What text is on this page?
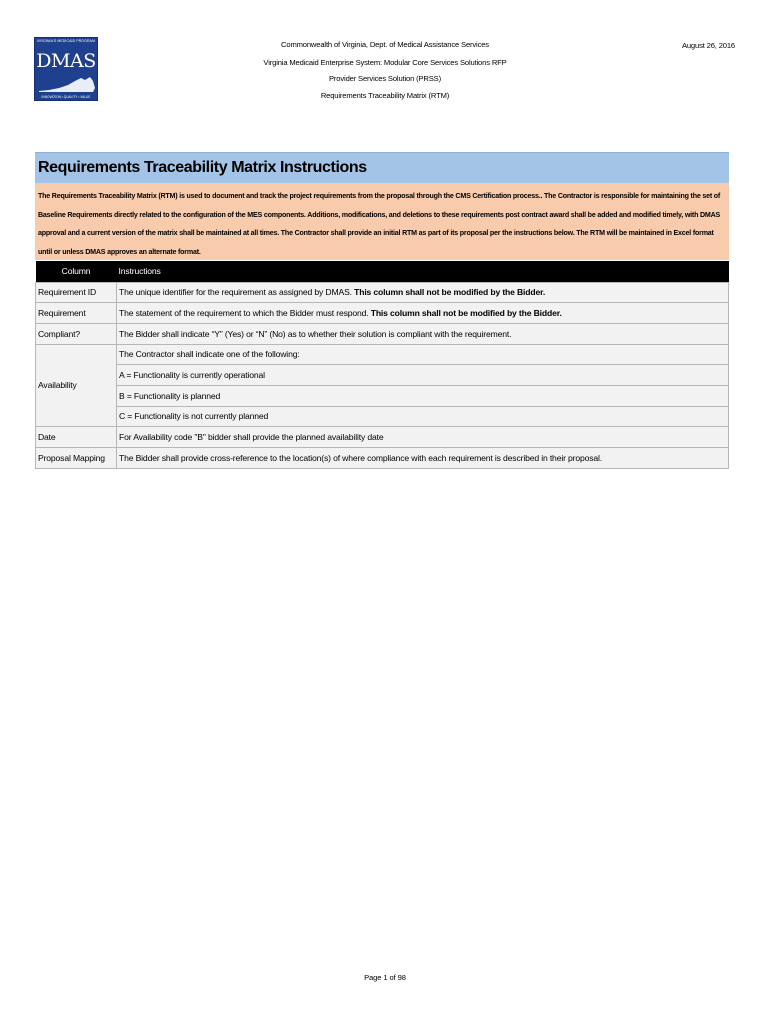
VIRGINIA'S MEDICAID PROGRAM
DMAS
INNOVATION • QUALITY • VALUE
Commonwealth of Virginia, Dept. of Medical Assistance Services
Virginia Medicaid Enterprise System: Modular Core Services Solutions RFP
Provider Services Solution (PRSS)
Requirements Traceability Matrix (RTM)
August 26, 2016
Requirements Traceability Matrix Instructions
The Requirements Traceability Matrix (RTM) is used to document and track the project requirements from the proposal through the CMS Certification process.. The Contractor is responsible for maintaining the set of Baseline Requirements directly related to the configuration of the MES components. Additions, modifications, and deletions to these requirements post contract award shall be added and modified timely, with DMAS approval and a current version of the matrix shall be maintained at all times. The Contractor shall provide an initial RTM as part of its proposal per the instructions below. The RTM will be maintained in Excel format until or unless DMAS approves an alternate format.
Column	Instructions
Requirement ID	The unique identifier for the requirement as assigned by DMAS. This column shall not be modified by the Bidder.
Requirement	The statement of the requirement to which the Bidder must respond. This column shall not be modified by the Bidder.
Compliant?	The Bidder shall indicate “Y” (Yes) or “N” (No) as to whether their solution is compliant with the requirement.
Availability	The Contractor shall indicate one of the following:
	A = Functionality is currently operational
	B = Functionality is planned
	C = Functionality is not currently planned
Date	For Availability code "B" bidder shall provide the planned availability date
Proposal Mapping	The Bidder shall provide cross-reference to the location(s) of where compliance with each requirement is described in their proposal.
Page 1 of 98
